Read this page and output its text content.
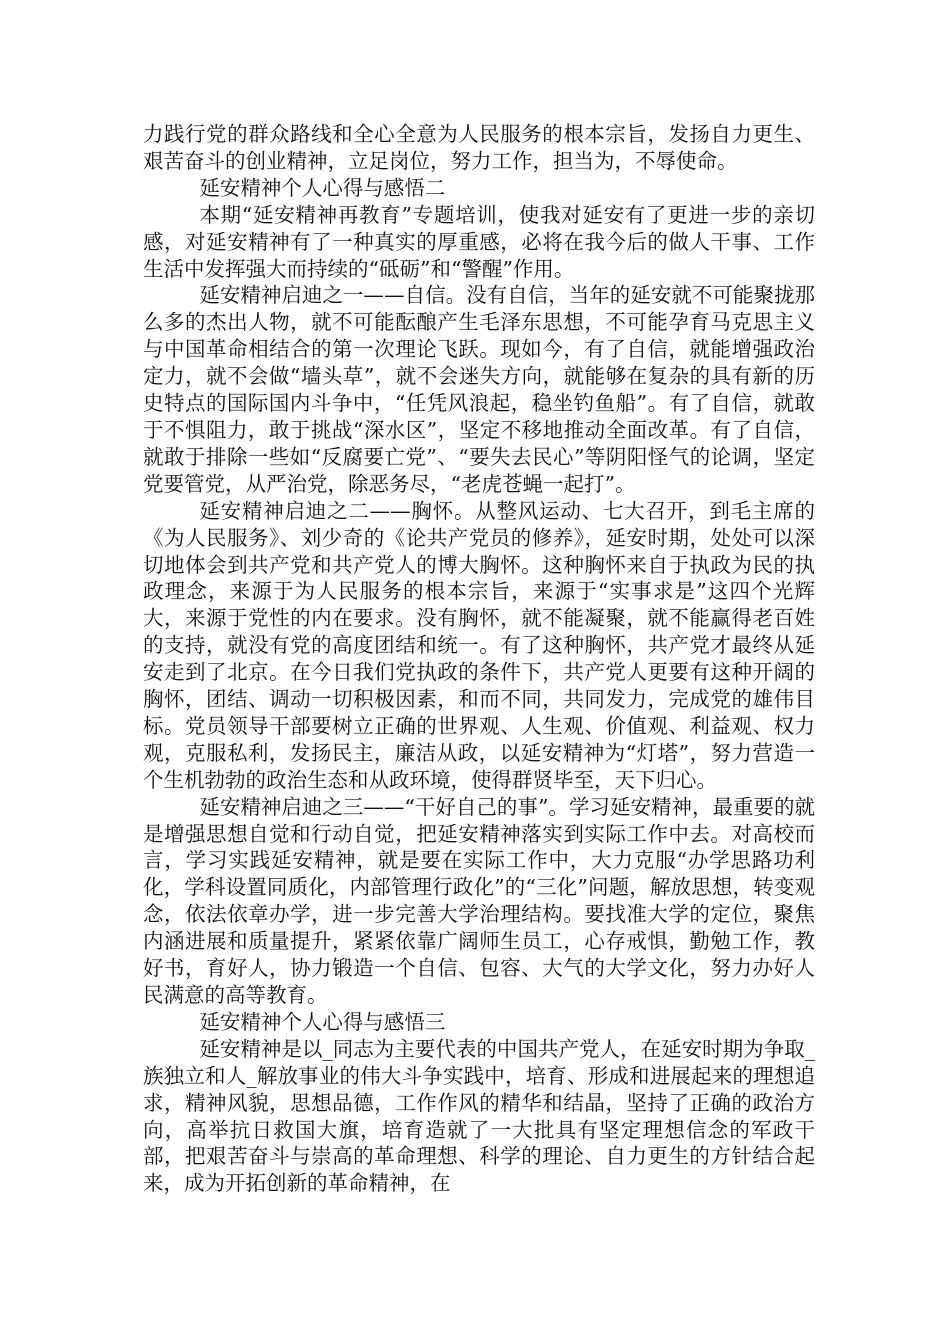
力践行党的群众路线和全心全意为人民服务的根本宗旨，发扬自力更生、艰苦奋斗的创业精神，立足岗位，努力工作，担当为，不辱使命。

延安精神个人心得与感悟二

本期“延安精神再教育”专题培训，使我对延安有了更进一步的亲切感，对延安精神有了一种真实的厚重感，必将在我今后的做人干事、工作生活中发挥强大而持续的“砥砺”和“警醒”作用。

延安精神启迪之一——自信。没有自信，当年的延安就不可能聚拢那么多的杰出人物，就不可能酝酿产生毛泽东思想，不可能孕育马克思主义与中国革命相结合的第一次理论飞跃。现如今，有了自信，就能增强政治定力，就不会做“墙头草”，就不会迷失方向，就能够在复杂的具有新的历史特点的国际国内斗争中，“任凭风浪起，稳坐钓鱼船”。有了自信，就敢于不惧阻力，敢于挑战“深水区”，坚定不移地推动全面改革。有了自信，就敢于排除一些如“反腐要亡党”、“要失去民心”等阴阳怪气的论调，坚定党要管党，从严治党，除恶务尽，“老虎苍蝇一起打”。

延安精神启迪之二——胸怀。从整风运动、七大召开，到毛主席的《为人民服务》、刘少奇的《论共产党员的修养》，延安时期，处处可以深切地体会到共产党和共产党人的博大胸怀。这种胸怀来自于执政为民的执政理念，来源于为人民服务的根本宗旨，来源于“实事求是”这四个光辉大，来源于党性的内在要求。没有胸怀，就不能凝聚，就不能赢得老百姓的支持，就没有党的高度团结和统一。有了这种胸怀，共产党才最终从延安走到了北京。在今日我们党执政的条件下，共产党人更要有这种开阔的胸怀，团结、调动一切积极因素，和而不同，共同发力，完成党的雄伟目标。党员领导干部要树立正确的世界观、人生观、价值观、利益观、权力观，克服私利，发扬民主，廉洁从政，以延安精神为“灯塔”，努力营造一个生机勃勃的政治生态和从政环境，使得群贤毕至，天下归心。

延安精神启迪之三——“干好自己的事”。学习延安精神，最重要的就是增强思想自觉和行动自觉，把延安精神落实到实际工作中去。对高校而言，学习实践延安精神，就是要在实际工作中，大力克服“办学思路功利化，学科设置同质化，内部管理行政化”的“三化”问题，解放思想，转变观念，依法依章办学，进一步完善大学治理结构。要找准大学的定位，聚焦内涵进展和质量提升，紧紧依靠广阔师生员工，心存戒惧，勤勉工作，教好书，育好人，协力锻造一个自信、包容、大气的大学文化，努力办好人民满意的高等教育。

延安精神个人心得与感悟三

延安精神是以_同志为主要代表的中国共产党人，在延安时期为争取_族独立和人_解放事业的伟大斗争实践中，培育、形成和进展起来的理想追求，精神风貌，思想品德，工作作风的精华和结晶，坚持了正确的政治方向，高举抗日救国大旗，培育造就了一大批具有坚定理想信念的军政干部，把艰苦奋斗与崇高的革命理想、科学的理论、自力更生的方针结合起来，成为开拓创新的革命精神，在
